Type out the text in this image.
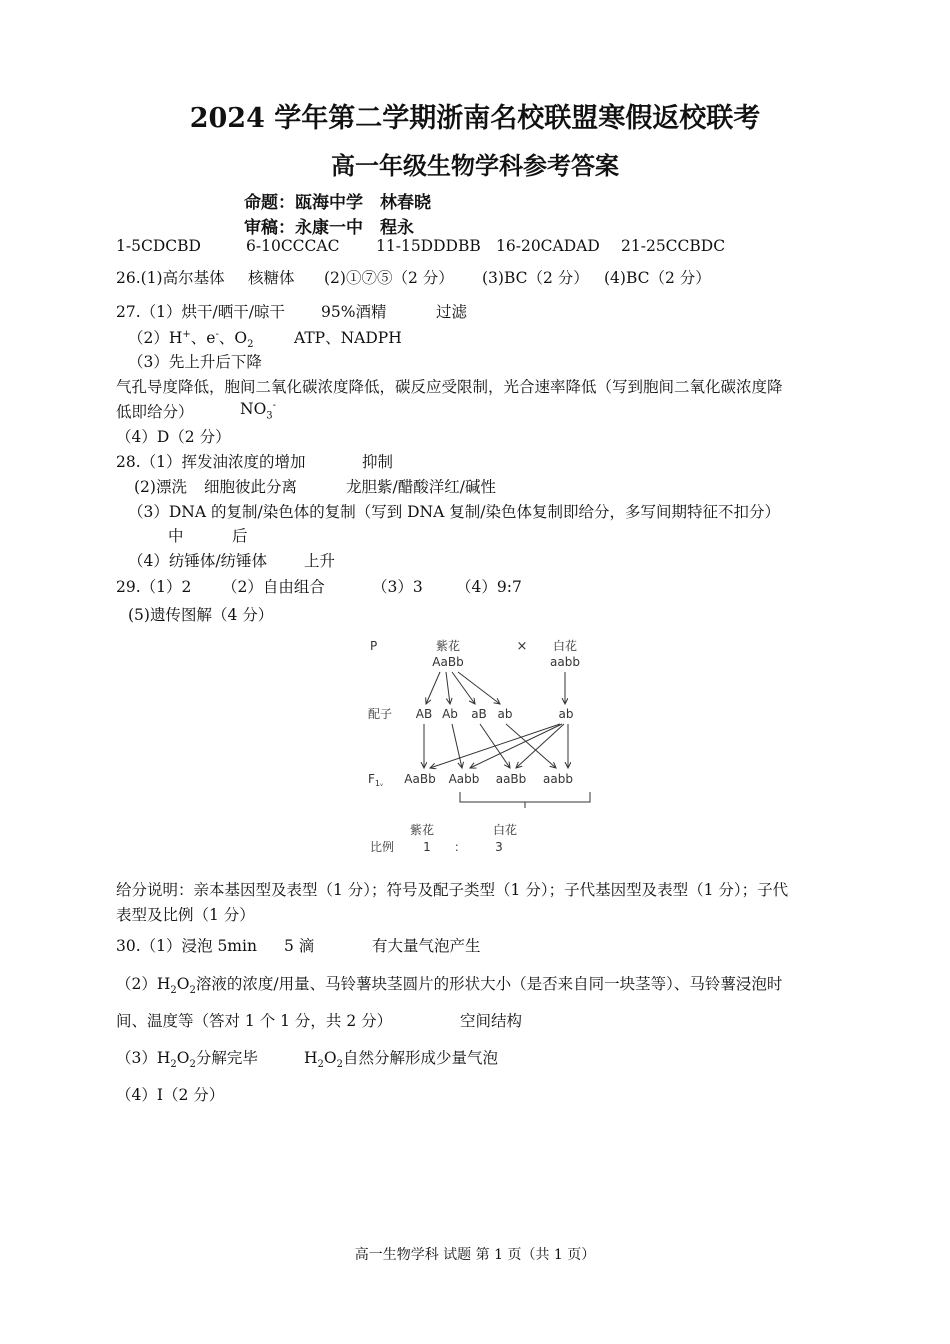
2024 学年第二学期浙南名校联盟寒假返校联考
高一年级生物学科参考答案
命题：瓯海中学　林春晓
审稿：永康一中　程永
1-5CDCBD	6-10CCCAC 11-15DDDBB 16-20CADAD 21-25CCBDC
26.(1)高尔基体 核糖体 (2)①⑦⑤（2 分） (3)BC（2 分） (4)BC（2 分）
27.（1）烘干/晒干/晾干 95%酒精	过滤
（2）H+、e-、$O_2$	ATP、NADPH
（3）先上升后下降
气孔导度降低，胞间二氧化碳浓度降低，碳反应受限制，光合速率降低（写到胞间二氧化碳浓度降
低即给分）	$NO_3^-$
（4）D（2 分）
28.（1）挥发油浓度的增加	抑制
(2)漂洗 细胞彼此分离	龙胆紫/醋酸洋红/碱性
（3）DNA 的复制/染色体的复制（写到 DNA 复制/染色体复制即给分，多写间期特征不扣分）
中	后
（4）纺锤体/纺锤体 上升
29.（1）2 （2）自由组合	（3）3 （4）9:7
(5)遗传图解（4 分）
P	紫花
AaBb
× 白花
aabb
配子 AB Ab aB ab	ab
$F_1ᵥ$ AaBb Aabb aaBb aabb
紫花	白花
比例 1 ： 3
给分说明：亲本基因型及表型（1 分）；符号及配子类型（1 分）；子代基因型及表型（1 分）；子代
表型及比例（1 分）
30.（1）浸泡 5min 5 滴	有大量气泡产生
$(2)H_2O_2$溶液的浓度/用量、马铃薯块茎圆片的形状大小（是否来自同一块茎等）、马铃薯浸泡时
间、温度等（答对 1 个 1 分，共 2 分）	空间结构
$(3)H_2O_2$分解完毕	$H_2O_2$自然分解形成少量气泡
（4）I（2 分）
高一生物学科 试题 第 1 页（共 1 页）
